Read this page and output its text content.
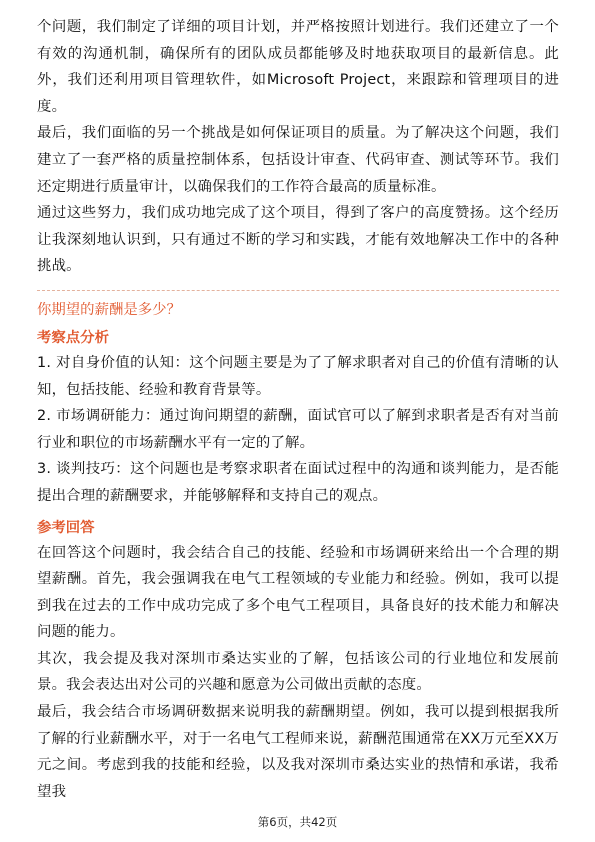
个问题，我们制定了详细的项目计划，并严格按照计划进行。我们还建立了一个有效的沟通机制，确保所有的团队成员都能够及时地获取项目的最新信息。此外，我们还利用项目管理软件，如Microsoft Project，来跟踪和管理项目的进度。

最后，我们面临的另一个挑战是如何保证项目的质量。为了解决这个问题，我们建立了一套严格的质量控制体系，包括设计审查、代码审查、测试等环节。我们还定期进行质量审计，以确保我们的工作符合最高的质量标准。

通过这些努力，我们成功地完成了这个项目，得到了客户的高度赞扬。这个经历让我深刻地认识到，只有通过不断的学习和实践，才能有效地解决工作中的各种挑战。

你期望的薪酬是多少？
考察点分析

1. 对自身价值的认知：这个问题主要是为了了解求职者对自己的价值有清晰的认知，包括技能、经验和教育背景等。

2. 市场调研能力：通过询问期望的薪酬，面试官可以了解到求职者是否有对当前行业和职位的市场薪酬水平有一定的了解。

3. 谈判技巧：这个问题也是考察求职者在面试过程中的沟通和谈判能力，是否能提出合理的薪酬要求，并能够解释和支持自己的观点。

参考回答

在回答这个问题时，我会结合自己的技能、经验和市场调研来给出一个合理的期望薪酬。首先，我会强调我在电气工程领域的专业能力和经验。例如，我可以提到我在过去的工作中成功完成了多个电气工程项目，具备良好的技术能力和解决问题的能力。

其次，我会提及我对深圳市桑达实业的了解，包括该公司的行业地位和发展前景。我会表达出对公司的兴趣和愿意为公司做出贡献的态度。

最后，我会结合市场调研数据来说明我的薪酬期望。例如，我可以提到根据我所了解的行业薪酬水平，对于一名电气工程师来说，薪酬范围通常在XX万元至XX万元之间。考虑到我的技能和经验，以及我对深圳市桑达实业的热情和承诺，我希望我

第6页，共42页
